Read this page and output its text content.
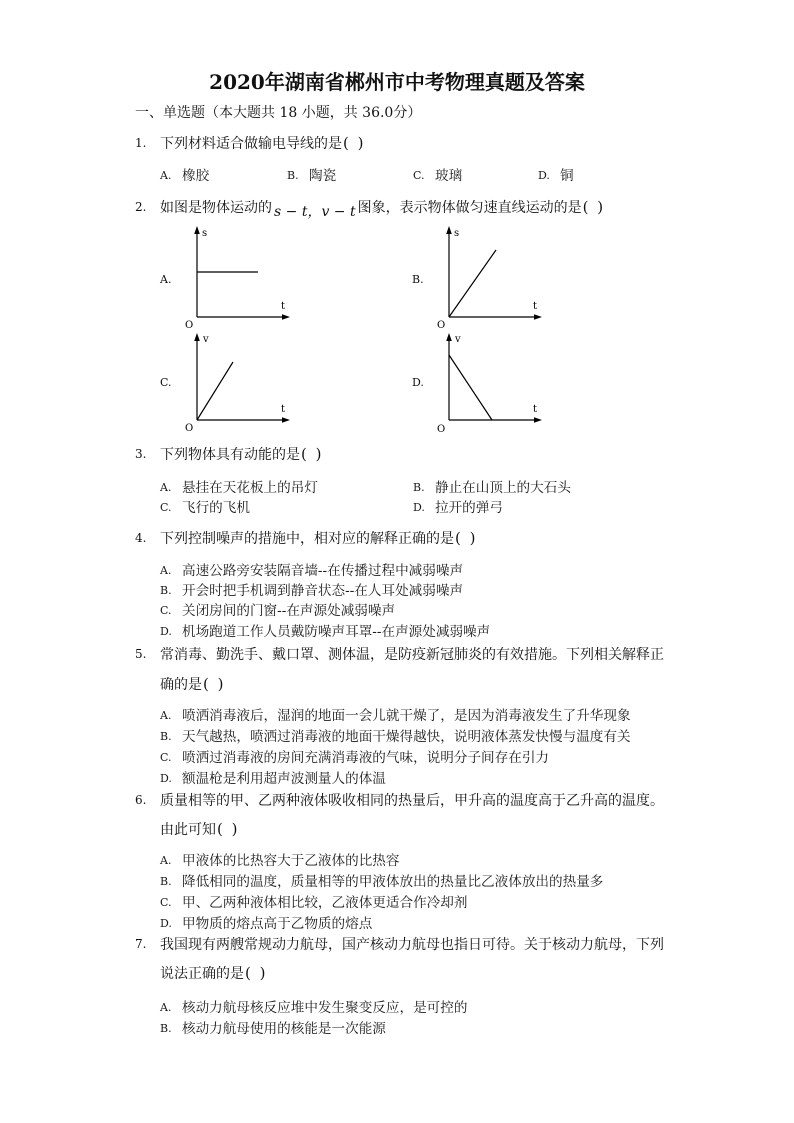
2020年湖南省郴州市中考物理真题及答案
一、单选题（本大题共 18 小题，共 36.0分）
1. 下列材料适合做输电导线的是( )
A. 橡胶	B. 陶瓷	C. 玻璃	D. 铜
2. 如图是物体运动的 s − t，v − t 图象，表示物体做匀速直线运动的是( )
A.	B.
C.	D.
s
t
O
s
t
O
v
t
O
v
t
O
3. 下列物体具有动能的是( )
A. 悬挂在天花板上的吊灯	B. 静止在山顶上的大石头
C. 飞行的飞机	D. 拉开的弹弓
4. 下列控制噪声的措施中，相对应的解释正确的是( )
A. 高速公路旁安装隔音墙--在传播过程中减弱噪声
B. 开会时把手机调到静音状态--在人耳处减弱噪声
C. 关闭房间的门窗--在声源处减弱噪声
D. 机场跑道工作人员戴防噪声耳罩--在声源处减弱噪声
5. 常消毒、勤洗手、戴口罩、测体温，是防疫新冠肺炎的有效措施。下列相关解释正
确的是( )
A. 喷洒消毒液后，湿润的地面一会儿就干燥了，是因为消毒液发生了升华现象
B. 天气越热，喷洒过消毒液的地面干燥得越快，说明液体蒸发快慢与温度有关
C. 喷洒过消毒液的房间充满消毒液的气味，说明分子间存在引力
D. 额温枪是利用超声波测量人的体温
6. 质量相等的甲、乙两种液体吸收相同的热量后，甲升高的温度高于乙升高的温度。
由此可知( )
A. 甲液体的比热容大于乙液体的比热容
B. 降低相同的温度，质量相等的甲液体放出的热量比乙液体放出的热量多
C. 甲、乙两种液体相比较，乙液体更适合作冷却剂
D. 甲物质的熔点高于乙物质的熔点
7. 我国现有两艘常规动力航母，国产核动力航母也指日可待。关于核动力航母，下列
说法正确的是( )
A. 核动力航母核反应堆中发生聚变反应，是可控的
B. 核动力航母使用的核能是一次能源
